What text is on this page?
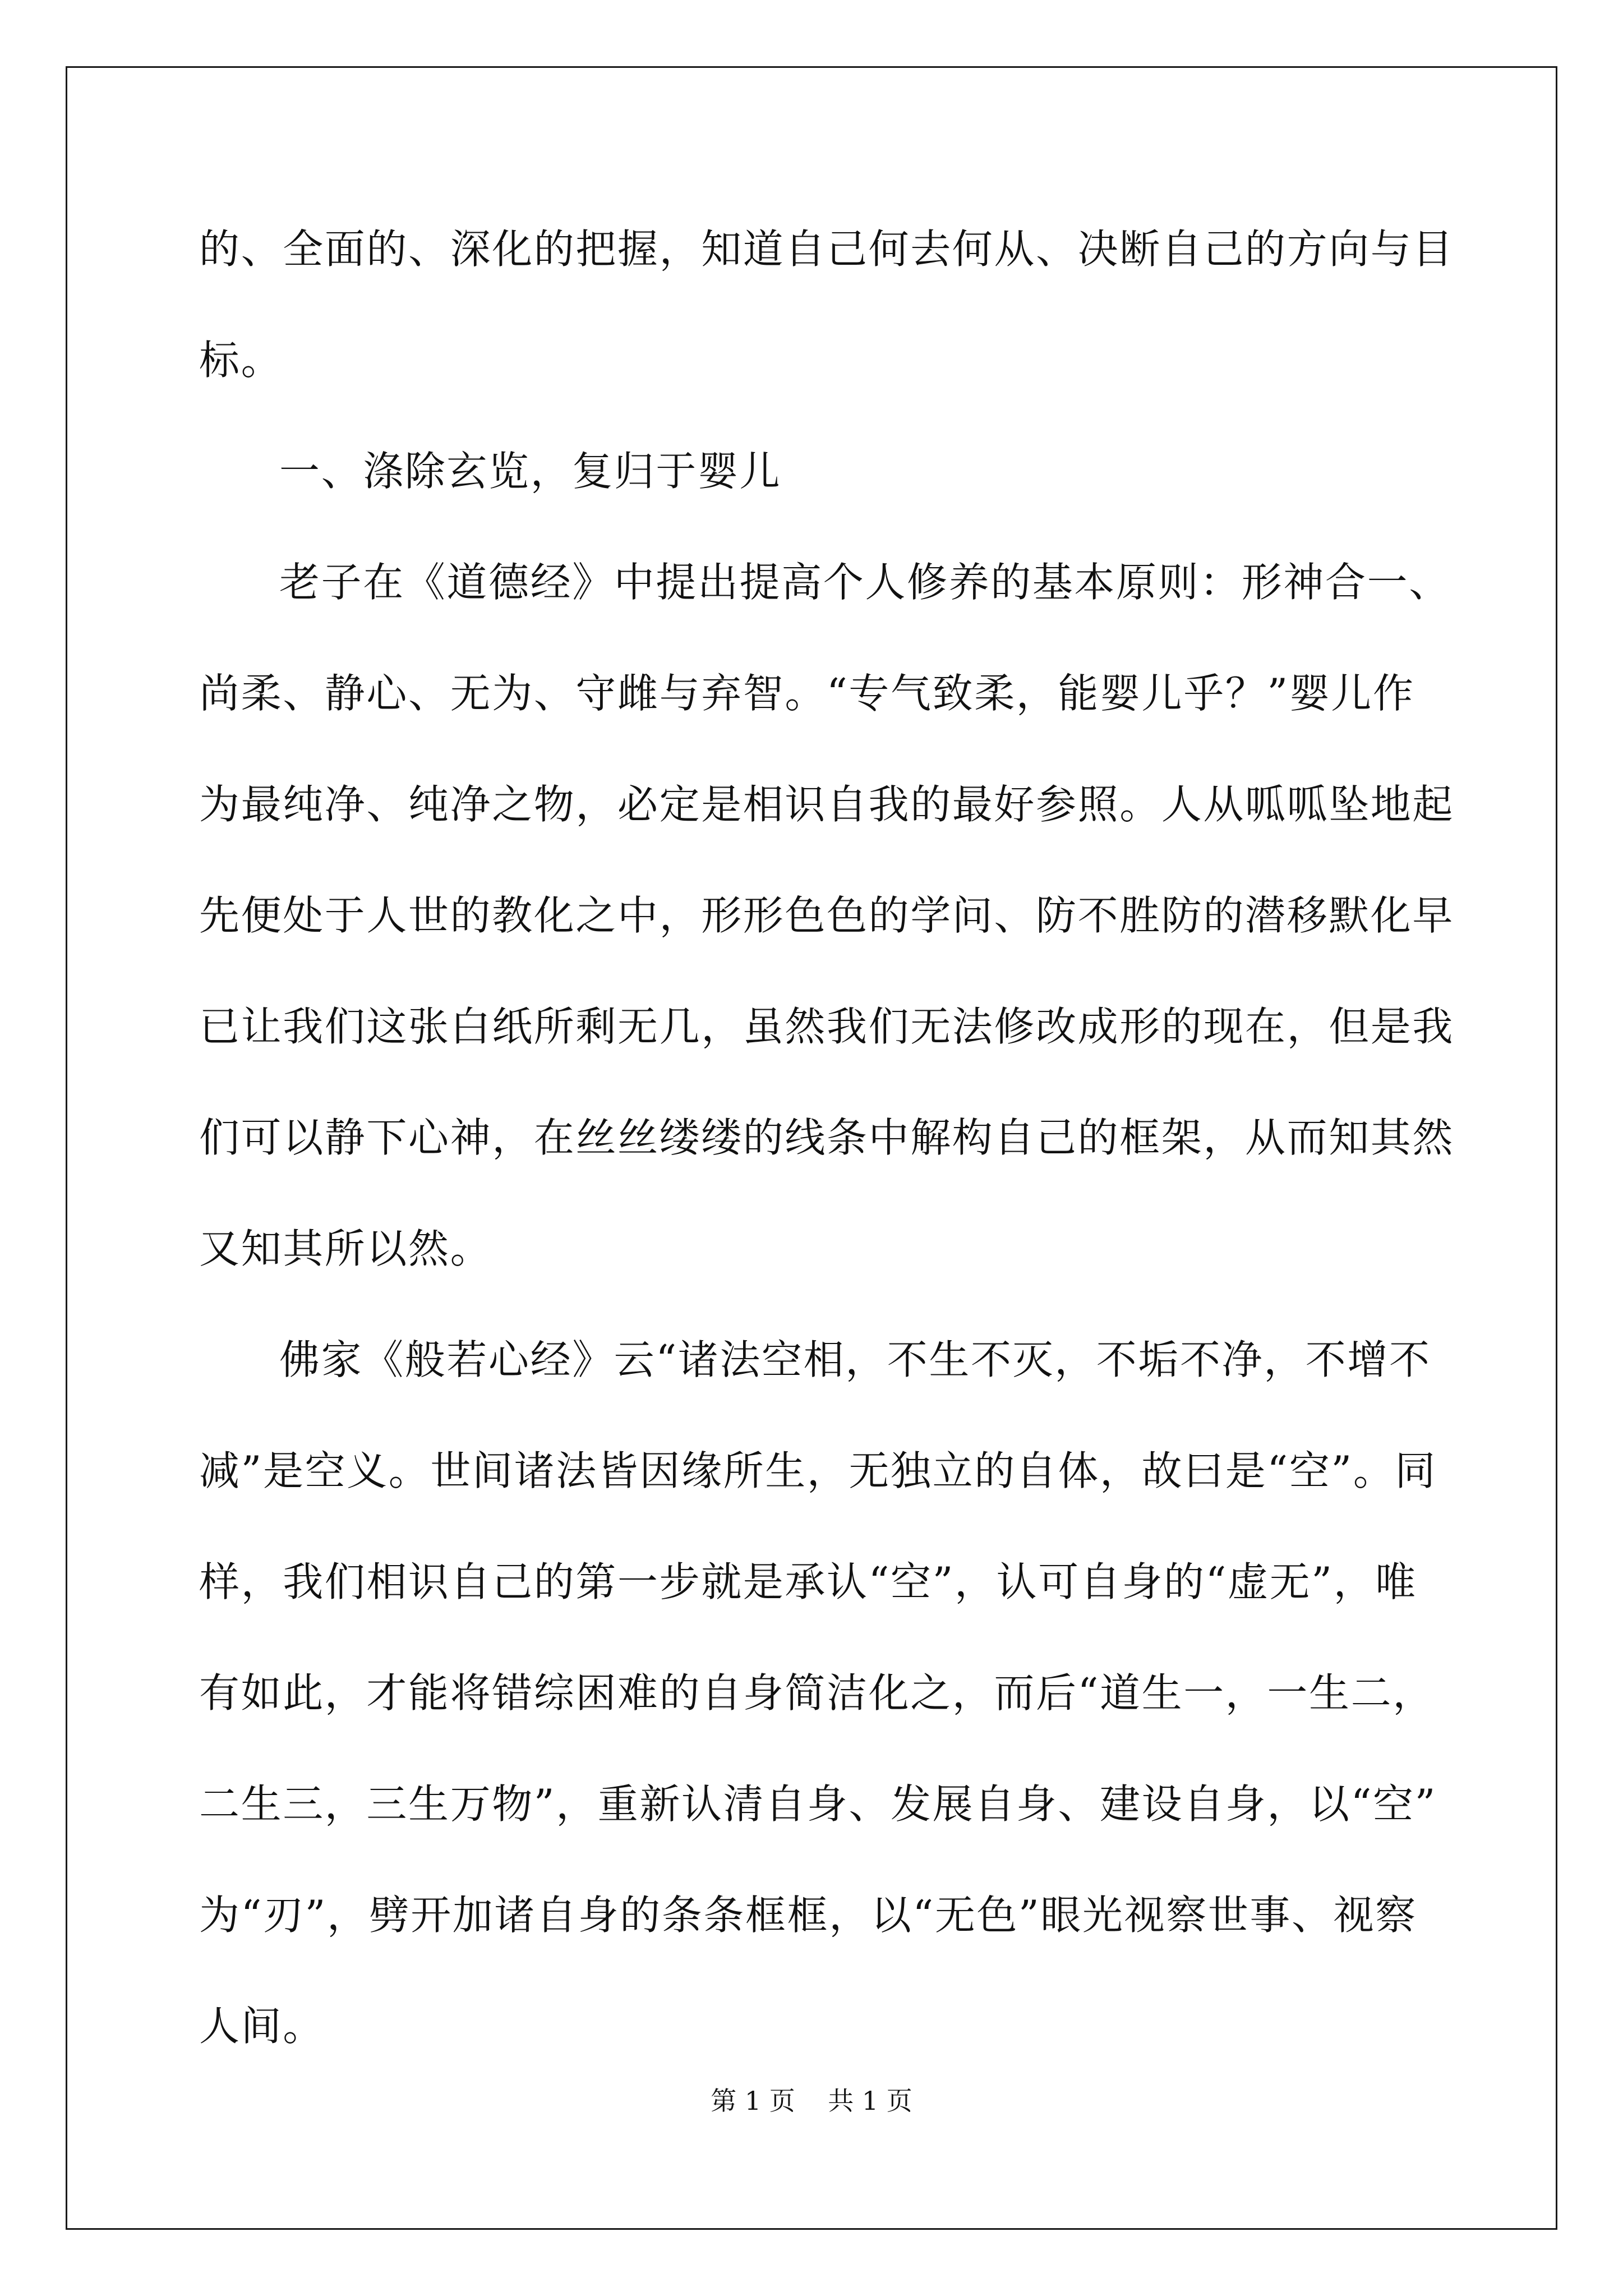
的、全面的、深化的把握，知道自己何去何从、决断自己的方向与目

标。

一、涤除玄览，复归于婴儿

老子在《道德经》中提出提高个人修养的基本原则：形神合一、

尚柔、静心、无为、守雌与弃智。“专气致柔，能婴儿乎？”婴儿作

为最纯净、纯净之物，必定是相识自我的最好参照。人从呱呱坠地起

先便处于人世的教化之中，形形色色的学问、防不胜防的潜移默化早

已让我们这张白纸所剩无几，虽然我们无法修改成形的现在，但是我

们可以静下心神，在丝丝缕缕的线条中解构自己的框架，从而知其然

又知其所以然。

佛家《般若心经》云“诸法空相，不生不灭，不垢不净，不增不

减”是空义。世间诸法皆因缘所生，无独立的自体，故曰是“空”。同

样，我们相识自己的第一步就是承认“空”，认可自身的“虚无”，唯

有如此，才能将错综困难的自身简洁化之，而后“道生一，一生二，

二生三，三生万物”，重新认清自身、发展自身、建设自身，以“空”

为“刃”，劈开加诸自身的条条框框，以“无色”眼光视察世事、视察

人间。

第 1 页    共 1 页
